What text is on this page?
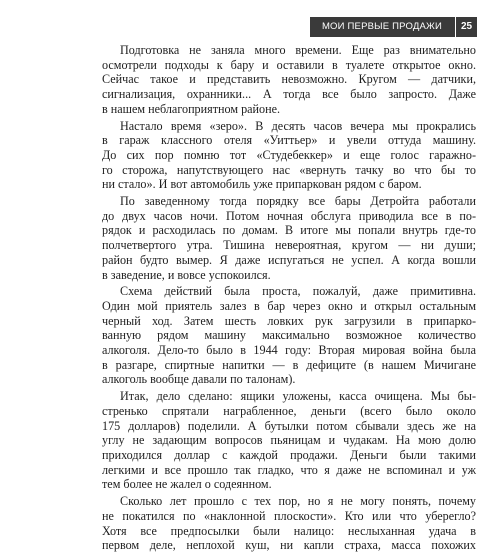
МОИ ПЕРВЫЕ ПРОДАЖИ	25

Подготовка не заняла много времени. Еще раз внимательно
осмотрели подходы к бару и оставили в туалете открытое окно.
Сейчас такое и представить невозможно. Кругом — датчики,
сигнализация, охранники... А тогда все было запросто. Даже
в нашем неблагоприятном районе.

Настало время «зеро». В десять часов вечера мы прокрались
в гараж классного отеля «Уиттьер» и увели оттуда машину.
До сих пор помню тот «Студебеккер» и еще голос гаражно-
го сторожа, напутствующего нас «вернуть тачку во что бы то
ни стало». И вот автомобиль уже припаркован рядом с баром.

По заведенному тогда порядку все бары Детройта работали
до двух часов ночи. Потом ночная обслуга приводила все в по-
рядок и расходилась по домам. В итоге мы попали внутрь где-то
полчетвертого утра. Тишина невероятная, кругом — ни души;
район будто вымер. Я даже испугаться не успел. А когда вошли
в заведение, и вовсе успокоился.

Схема действий была проста, пожалуй, даже примитивна.
Один мой приятель залез в бар через окно и открыл остальным
черный ход. Затем шесть ловких рук загрузили в припарко-
ванную рядом машину максимально возможное количество
алкоголя. Дело-то было в 1944 году: Вторая мировая война была
в разгаре, спиртные напитки — в дефиците (в нашем Мичигане
алкоголь вообще давали по талонам).

Итак, дело сделано: ящики уложены, касса очищена. Мы бы-
стренько спрятали награбленное, деньги (всего было около
175 долларов) поделили. А бутылки потом сбывали здесь же на
углу не задающим вопросов пьяницам и чудакам. На мою долю
приходился доллар с каждой продажи. Деньги были такими
легкими и все прошло так гладко, что я даже не вспоминал и уж
тем более не жалел о содеянном.

Сколько лет прошло с тех пор, но я не могу понять, почему
не покатился по «наклонной плоскости». Кто или что уберегло?
Хотя все предпосылки были налицо: неслыханная удача в
первом деле, неплохой куш, ни капли страха, масса похожих
